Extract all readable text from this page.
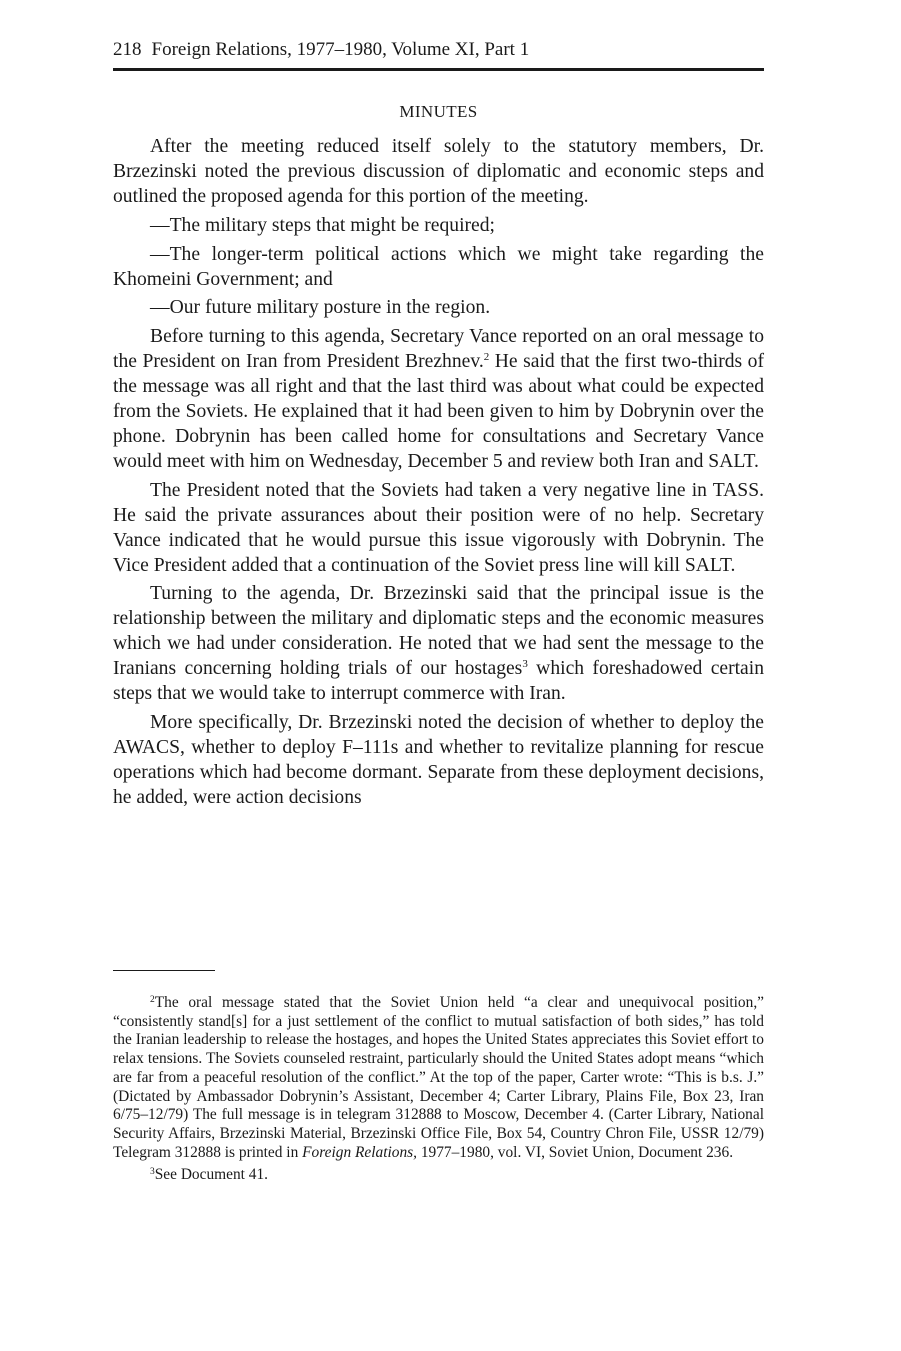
218 Foreign Relations, 1977–1980, Volume XI, Part 1
MINUTES

After the meeting reduced itself solely to the statutory members, Dr. Brzezinski noted the previous discussion of diplomatic and economic steps and outlined the proposed agenda for this portion of the meeting.

—The military steps that might be required;

—The longer-term political actions which we might take regarding the Khomeini Government; and

—Our future military posture in the region.

Before turning to this agenda, Secretary Vance reported on an oral message to the President on Iran from President Brezhnev.$^2$ He said that the first two-thirds of the message was all right and that the last third was about what could be expected from the Soviets. He explained that it had been given to him by Dobrynin over the phone. Dobrynin has been called home for consultations and Secretary Vance would meet with him on Wednesday, December 5 and review both Iran and SALT.

The President noted that the Soviets had taken a very negative line in TASS. He said the private assurances about their position were of no help. Secretary Vance indicated that he would pursue this issue vigorously with Dobrynin. The Vice President added that a continuation of the Soviet press line will kill SALT.

Turning to the agenda, Dr. Brzezinski said that the principal issue is the relationship between the military and diplomatic steps and the economic measures which we had under consideration. He noted that we had sent the message to the Iranians concerning holding trials of our hostages$^3$ which foreshadowed certain steps that we would take to interrupt commerce with Iran.

More specifically, Dr. Brzezinski noted the decision of whether to deploy the AWACS, whether to deploy F–111s and whether to revitalize planning for rescue operations which had become dormant. Separate from these deployment decisions, he added, were action decisions

$^2$The oral message stated that the Soviet Union held “a clear and unequivocal position,” “consistently stand[s] for a just settlement of the conflict to mutual satisfaction of both sides,” has told the Iranian leadership to release the hostages, and hopes the United States appreciates this Soviet effort to relax tensions. The Soviets counseled restraint, particularly should the United States adopt means “which are far from a peaceful resolution of the conflict.” At the top of the paper, Carter wrote: “This is b.s. J.” (Dictated by Ambassador Dobrynin’s Assistant, December 4; Carter Library, Plains File, Box 23, Iran 6/75–12/79) The full message is in telegram 312888 to Moscow, December 4. (Carter Library, National Security Affairs, Brzezinski Material, Brzezinski Office File, Box 54, Country Chron File, USSR 12/79) Telegram 312888 is printed in Foreign Relations, 1977–1980, vol. VI, Soviet Union, Document 236.

$^3$See Document 41.
